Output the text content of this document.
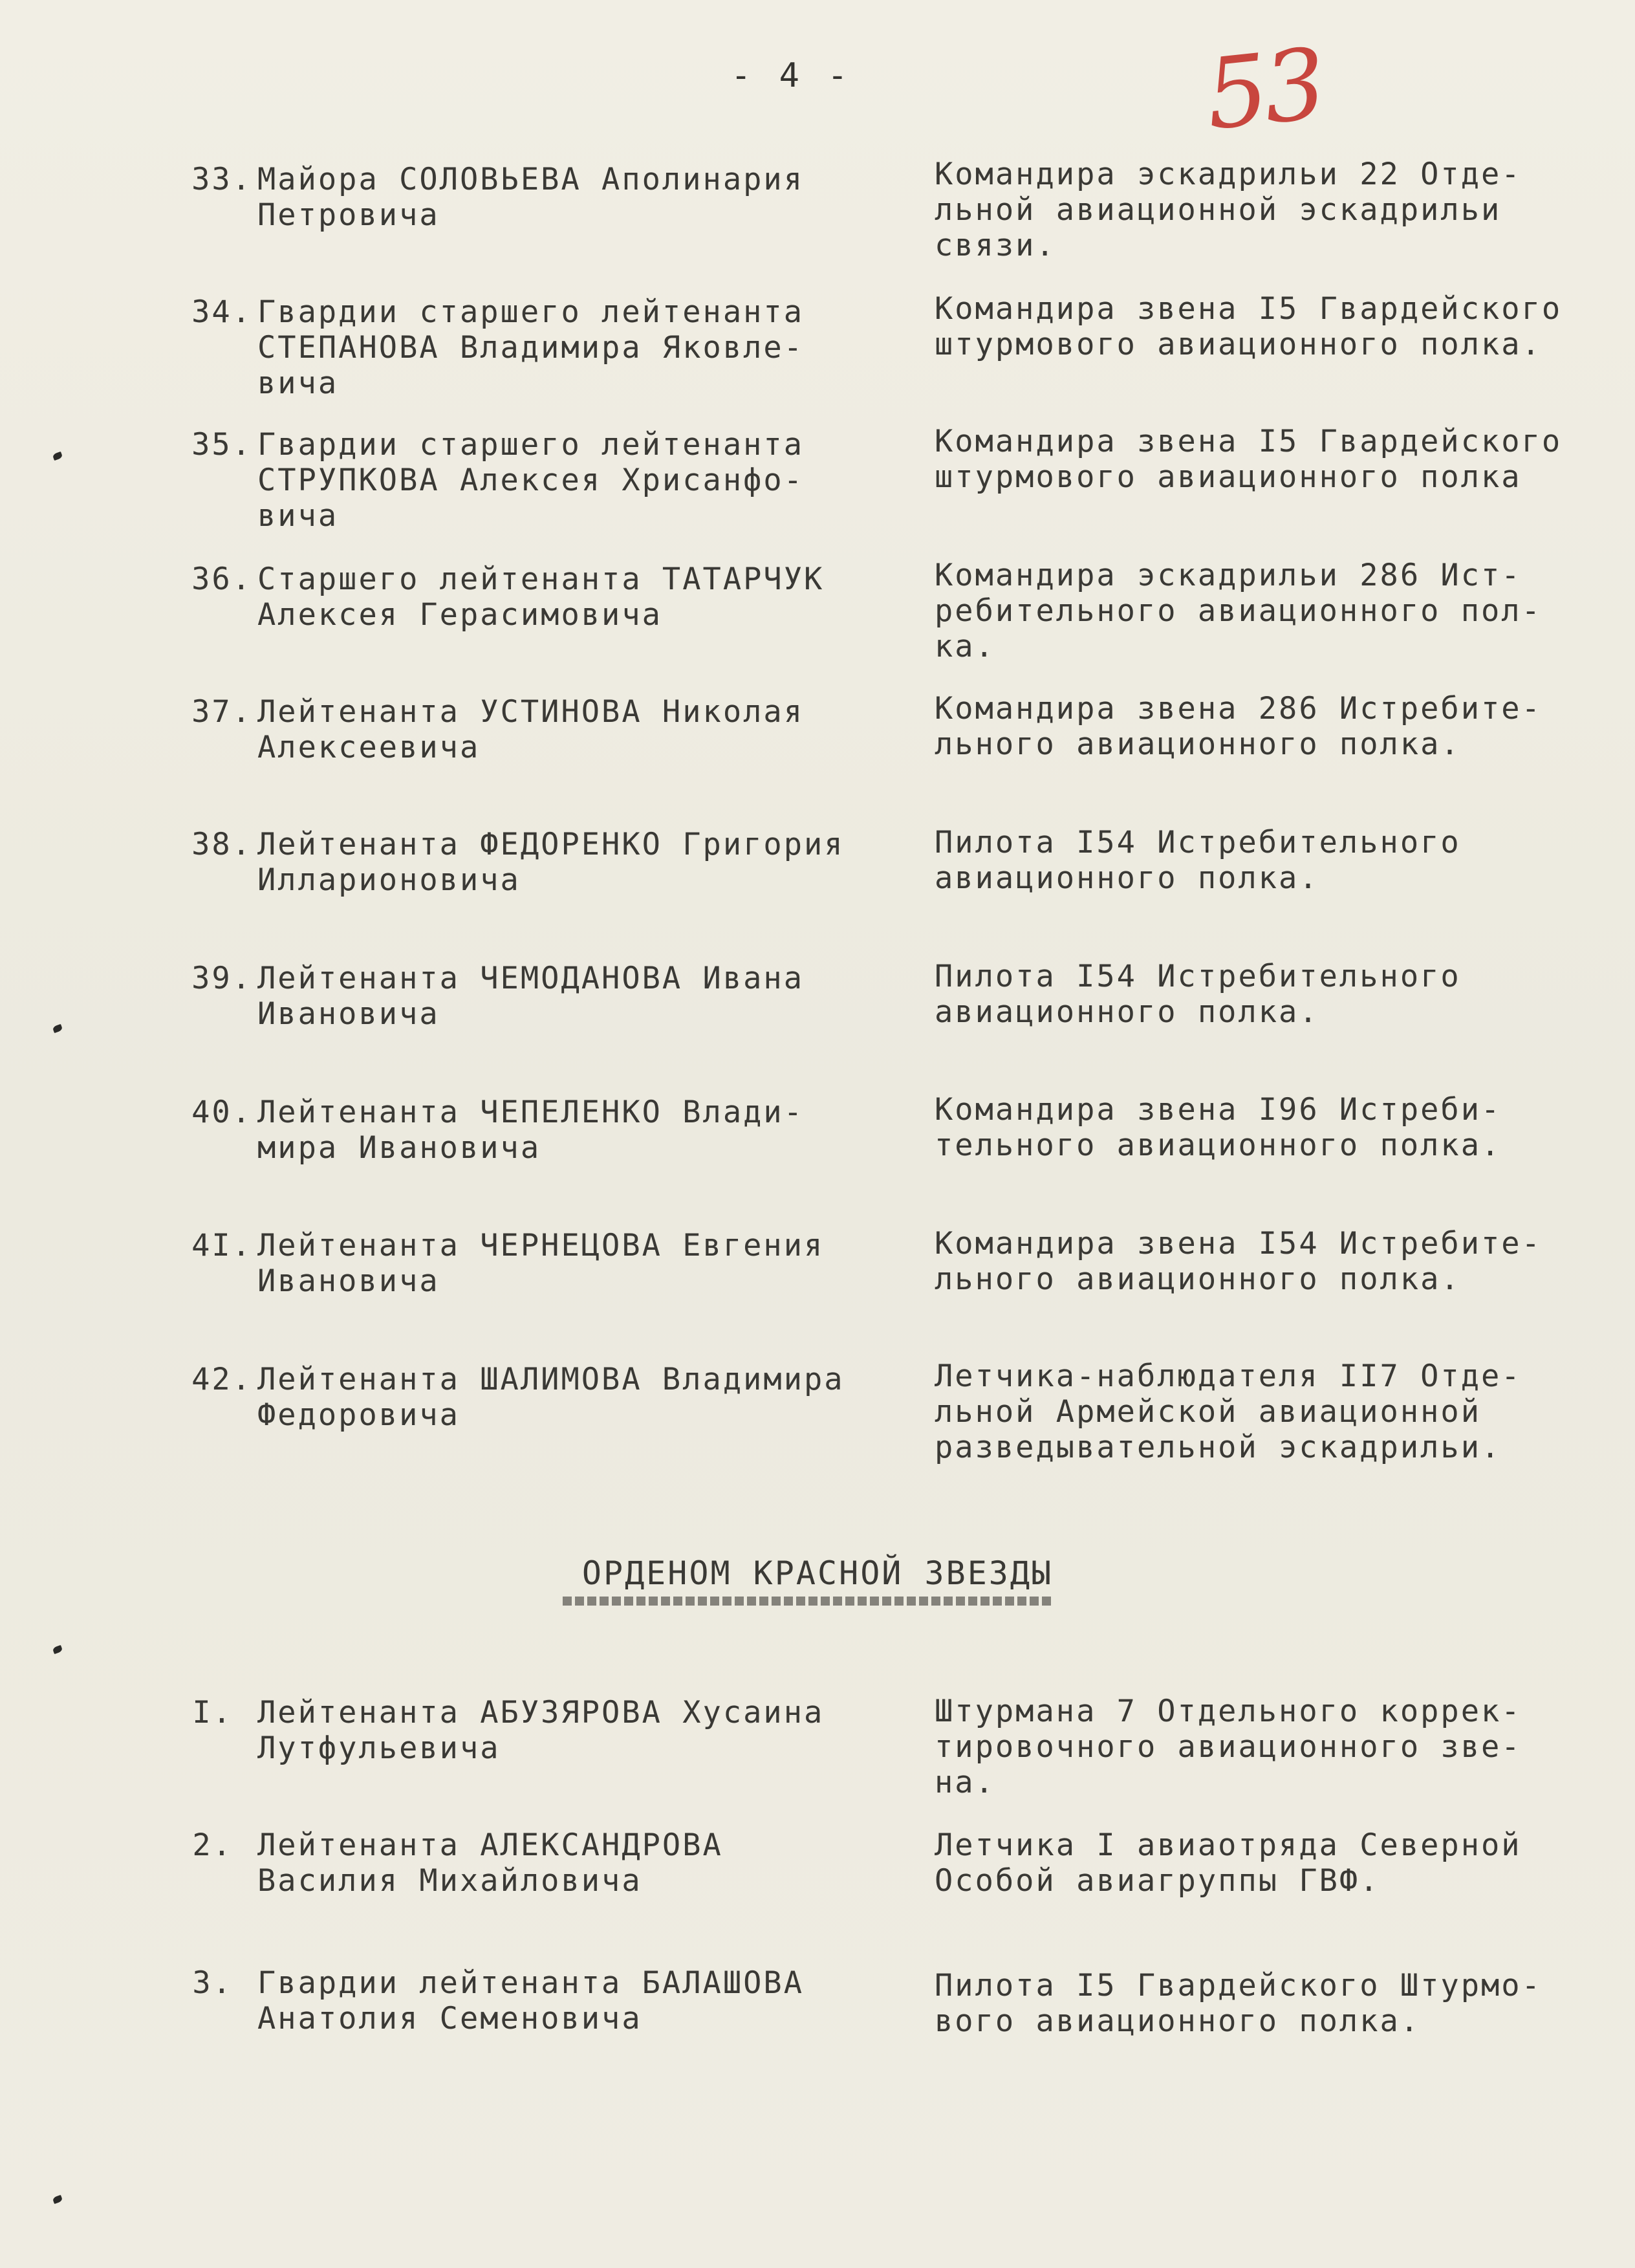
- 4 -	53
33. Майора СОЛОВЬЕВА Аполинария
Петровича
Командира эскадрильи 22 Отде-
льной авиационной эскадрильи
связи.
34. Гвардии старшего лейтенанта
СТЕПАНОВА Владимира Яковле-
вича
Командира звена I5 Гвардейского
штурмового авиационного полка.
35. Гвардии старшего лейтенанта
СТРУПКОВА Алексея Хрисанфо-
вича
Командира звена I5 Гвардейского
штурмового авиационного полка
36. Старшего лейтенанта ТАТАРЧУК
Алексея Герасимовича
Командира эскадрильи 286 Ист-
ребительного авиационного пол-
ка.
37. Лейтенанта УСТИНОВА Николая
Алексеевича
Командира звена 286 Истребите-
льного авиационного полка.
38. Лейтенанта ФЕДОРЕНКО Григория
Илларионовича
Пилота I54 Истребительного
авиационного полка.
39. Лейтенанта ЧЕМОДАНОВА Ивана
Ивановича
Пилота I54 Истребительного
авиационного полка.
40. Лейтенанта ЧЕПЕЛЕНКО Влади-
мира Ивановича
Командира звена I96 Истреби-
тельного авиационного полка.
4I. Лейтенанта ЧЕРНЕЦОВА Евгения
Ивановича
Командира звена I54 Истребите-
льного авиационного полка.
42. Лейтенанта ШАЛИМОВА Владимира
Федоровича
Летчика-наблюдателя II7 Отде-
льной Армейской авиационной
разведывательной эскадрильи.
ОРДЕНОМ КРАСНОЙ ЗВЕЗДЫ
I. Лейтенанта АБУЗЯРОВА Хусаина
Лутфульевича
Штурмана 7 Отдельного коррек-
тировочного авиационного зве-
на.
2. Лейтенанта АЛЕКСАНДРОВА
Василия Михайловича
Летчика I авиаотряда Северной
Особой авиагруппы ГВФ.
3. Гвардии лейтенанта БАЛАШОВА
Анатолия Семеновича
Пилота I5 Гвардейского Штурмо-
вого авиационного полка.
